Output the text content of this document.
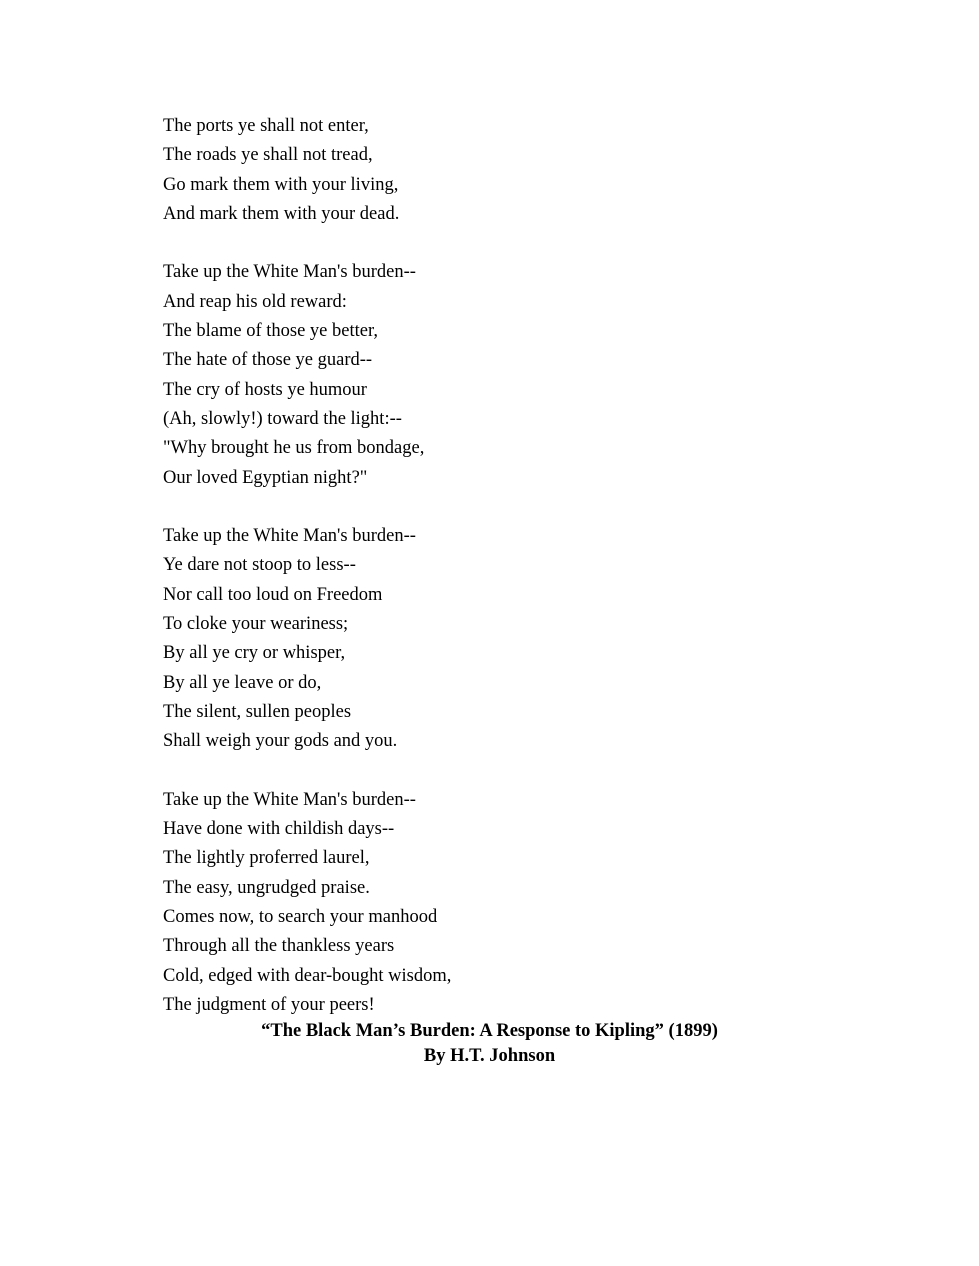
The ports ye shall not enter,
The roads ye shall not tread,
Go mark them with your living,
And mark them with your dead.
Take up the White Man's burden--
And reap his old reward:
The blame of those ye better,
The hate of those ye guard--
The cry of hosts ye humour
(Ah, slowly!) toward the light:--
"Why brought he us from bondage,
Our loved Egyptian night?"
Take up the White Man's burden--
Ye dare not stoop to less--
Nor call too loud on Freedom
To cloke your weariness;
By all ye cry or whisper,
By all ye leave or do,
The silent, sullen peoples
Shall weigh your gods and you.
Take up the White Man's burden--
Have done with childish days--
The lightly proferred laurel,
The easy, ungrudged praise.
Comes now, to search your manhood
Through all the thankless years
Cold, edged with dear-bought wisdom,
The judgment of your peers!
“The Black Man’s Burden: A Response to Kipling” (1899)
By H.T. Johnson
